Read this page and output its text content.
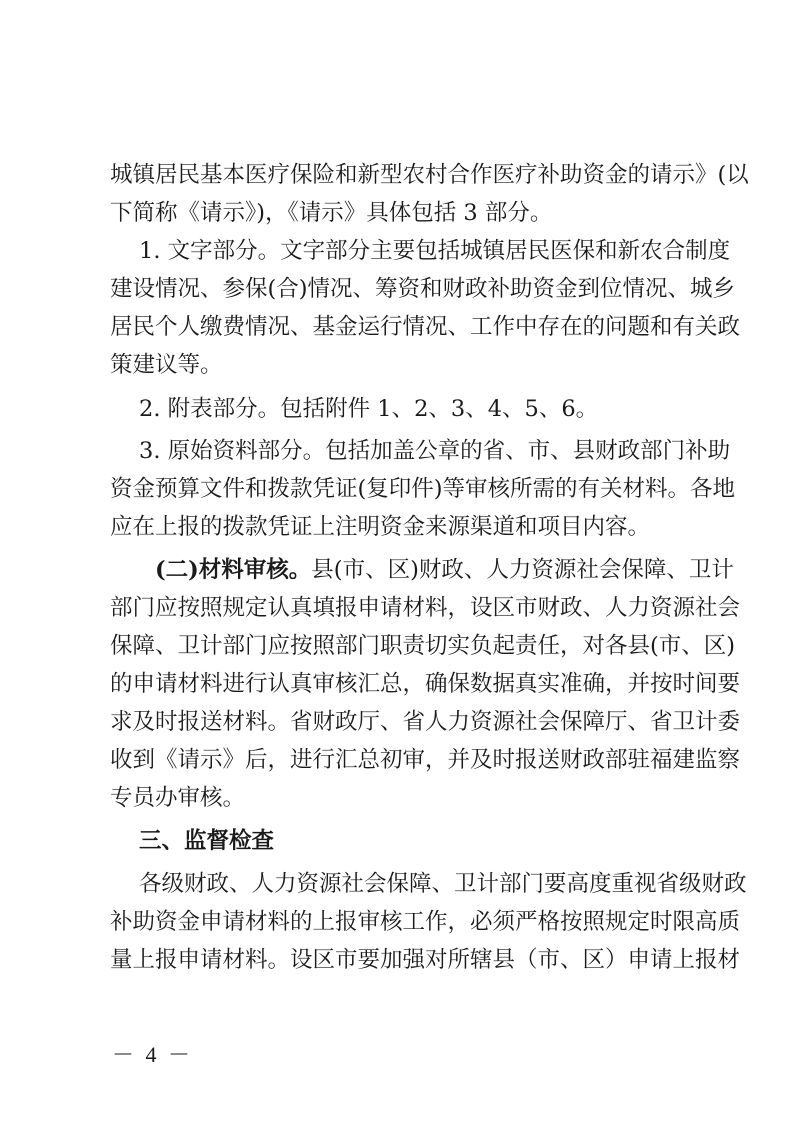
城镇居民基本医疗保险和新型农村合作医疗补助资金的请示》(以
下简称《请示》)，《请示》具体包括 3 部分。
1. 文字部分。文字部分主要包括城镇居民医保和新农合制度
建设情况、参保(合)情况、筹资和财政补助资金到位情况、城乡
居民个人缴费情况、基金运行情况、工作中存在的问题和有关政
策建议等。
2. 附表部分。包括附件 1、2、3、4、5、6。
3. 原始资料部分。包括加盖公章的省、市、县财政部门补助
资金预算文件和拨款凭证(复印件)等审核所需的有关材料。各地
应在上报的拨款凭证上注明资金来源渠道和项目内容。
(二)材料审核。县(市、区)财政、人力资源社会保障、卫计
部门应按照规定认真填报申请材料，设区市财政、人力资源社会
保障、卫计部门应按照部门职责切实负起责任，对各县(市、区)
的申请材料进行认真审核汇总，确保数据真实准确，并按时间要
求及时报送材料。省财政厅、省人力资源社会保障厅、省卫计委
收到《请示》后，进行汇总初审，并及时报送财政部驻福建监察
专员办审核。
三、监督检查
各级财政、人力资源社会保障、卫计部门要高度重视省级财政
补助资金申请材料的上报审核工作，必须严格按照规定时限高质
量上报申请材料。设区市要加强对所辖县（市、区）申请上报材
－ 4 －
